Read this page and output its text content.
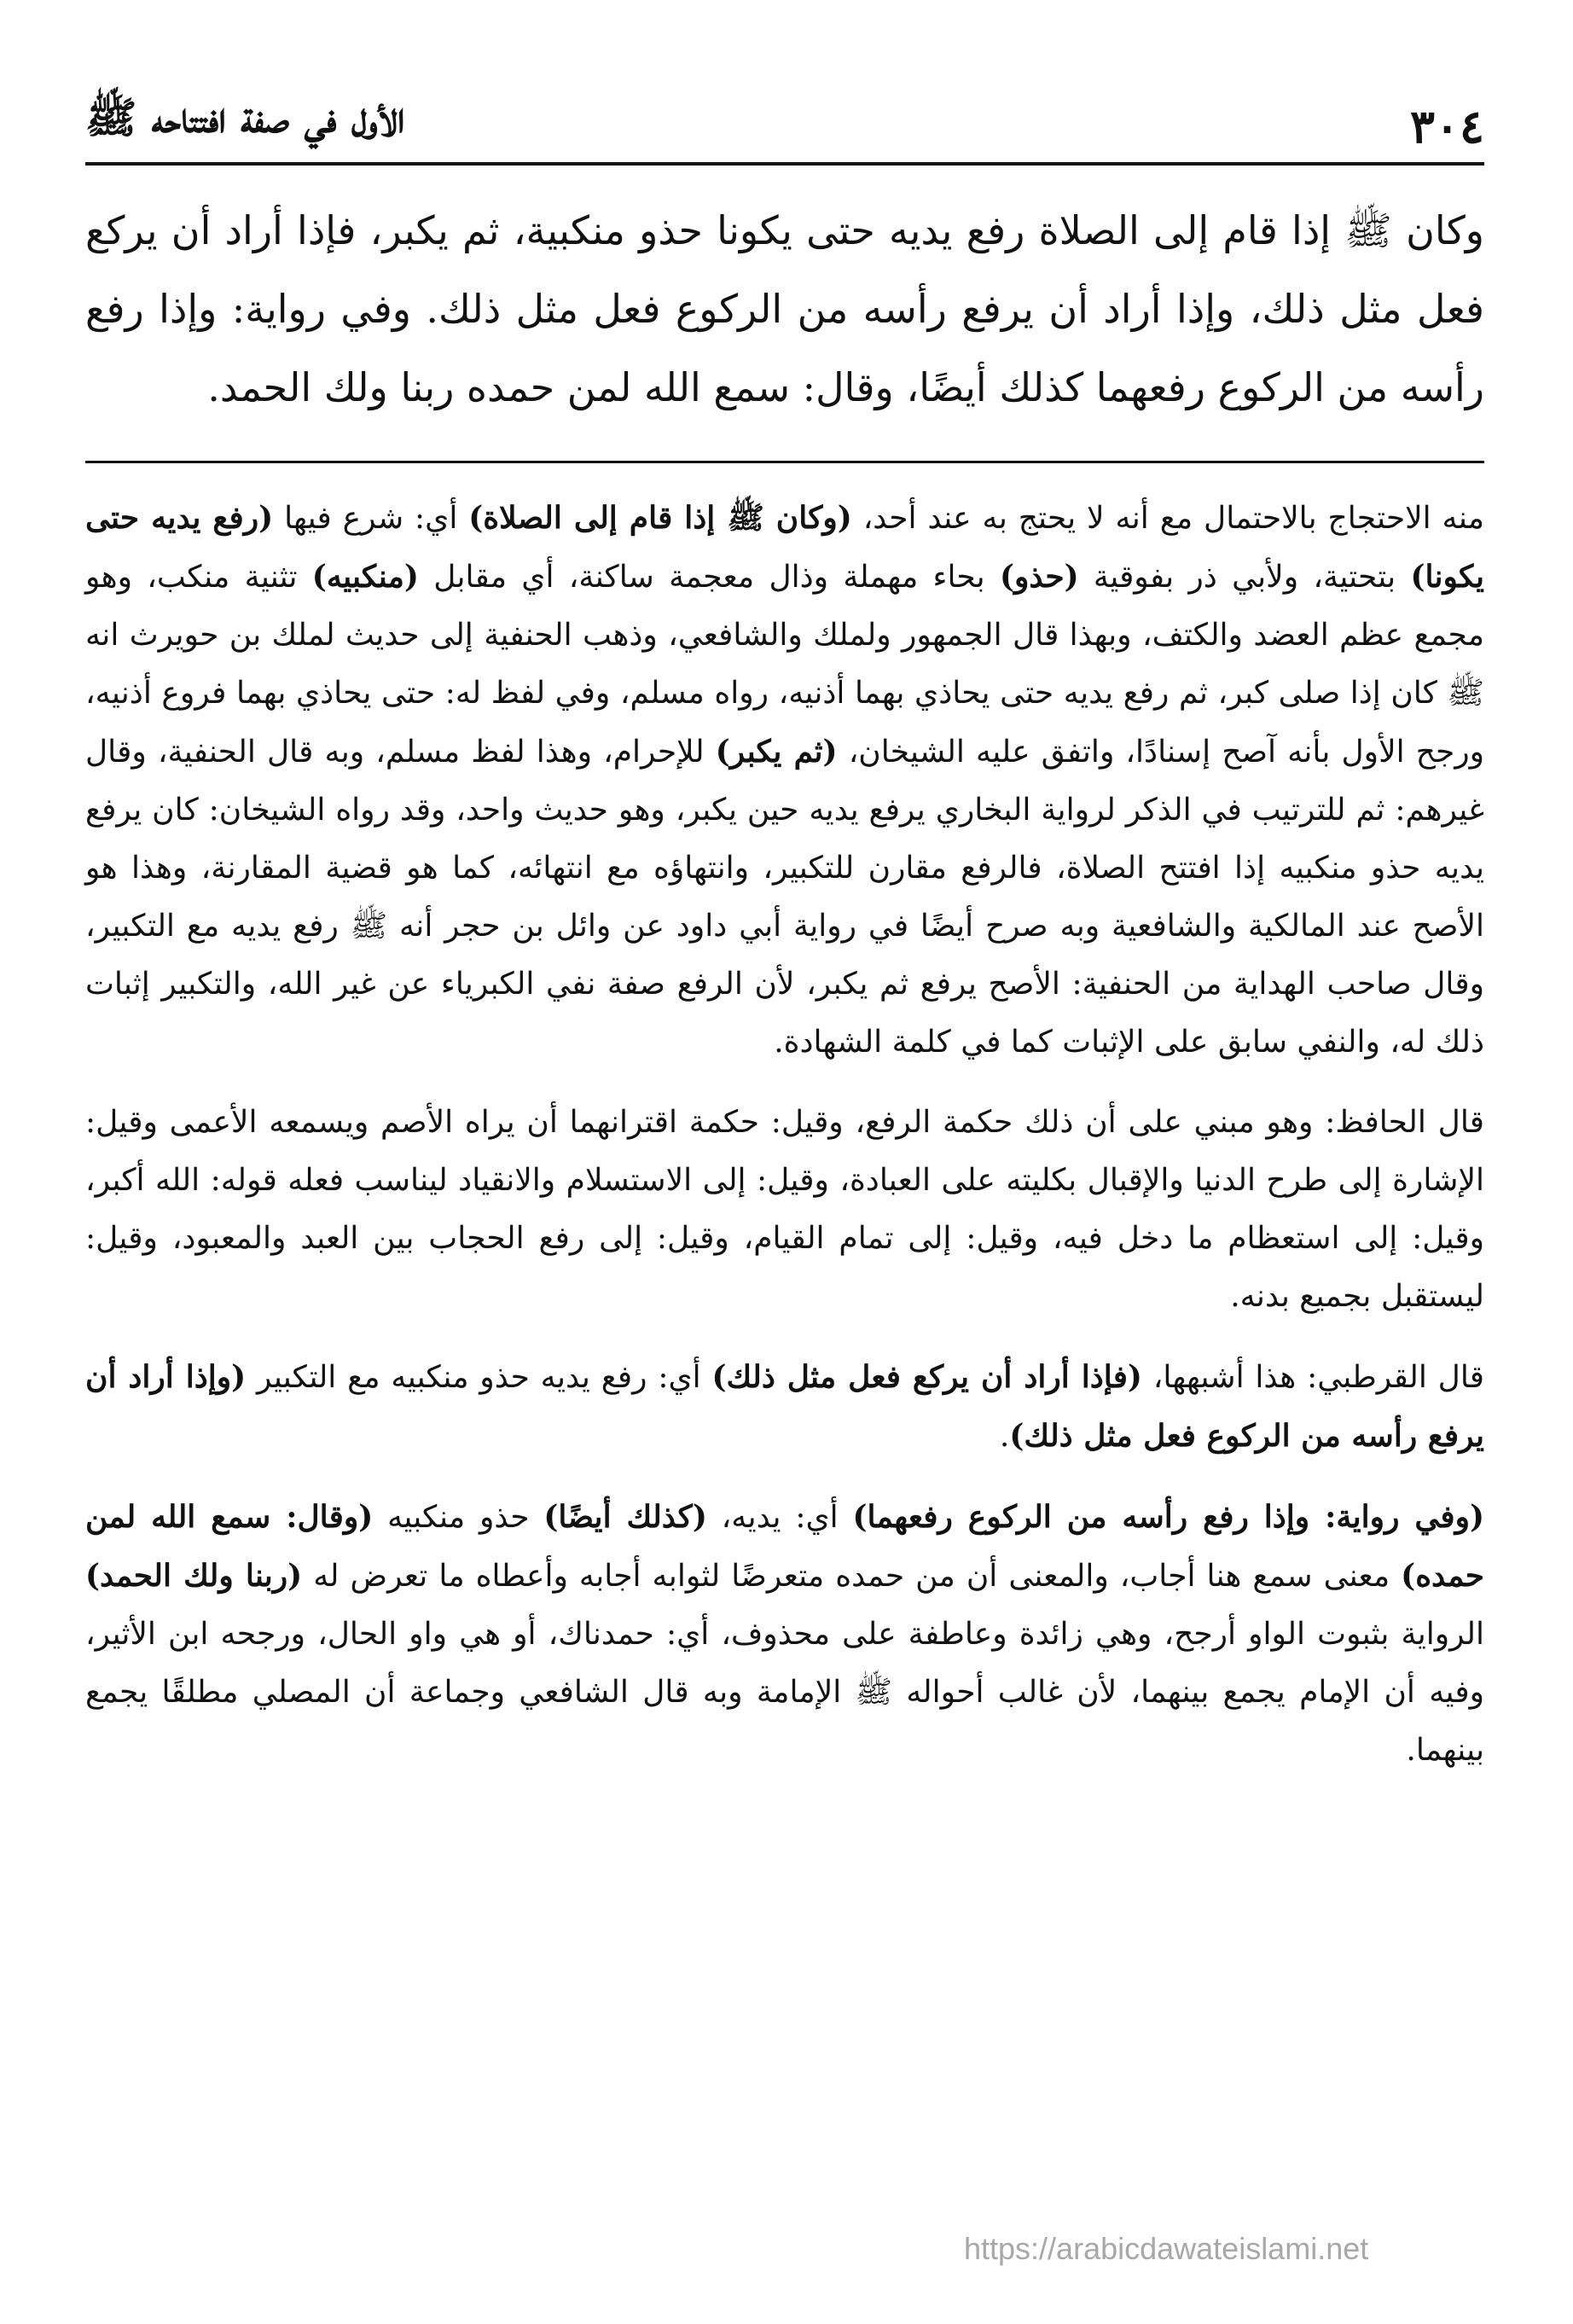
٣٠٤
الأول في صفة افتتاحه ﷺ

وكان ﷺ إذا قام إلى الصلاة رفع يديه حتى يكونا حذو منكبية، ثم يكبر، فإذا أراد أن يركع فعل مثل ذلك، وإذا أراد أن يرفع رأسه من الركوع فعل مثل ذلك. وفي رواية: وإذا رفع رأسه من الركوع رفعهما كذلك أيضًا، وقال: سمع الله لمن حمده ربنا ولك الحمد.

منه الاحتجاج بالاحتمال مع أنه لا يحتج به عند أحد، (وكان ﷺ إذا قام إلى الصلاة) أي: شرع فيها (رفع يديه حتى يكونا) بتحتية، ولأبي ذر بفوقية (حذو) بحاء مهملة وذال معجمة ساكنة، أي مقابل (منكبيه) تثنية منكب، وهو مجمع عظم العضد والكتف، وبهذا قال الجمهور ولملك والشافعي، وذهب الحنفية إلى حديث لملك بن حويرث انه ﷺ كان إذا صلى كبر، ثم رفع يديه حتى يحاذي بهما أذنيه، رواه مسلم، وفي لفظ له: حتى يحاذي بهما فروع أذنيه، ورجح الأول بأنه آصح إسنادًا، واتفق عليه الشيخان، (ثم يكبر) للإحرام، وهذا لفظ مسلم، وبه قال الحنفية، وقال غيرهم: ثم للترتيب في الذكر لرواية البخاري يرفع يديه حين يكبر، وهو حديث واحد، وقد رواه الشيخان: كان يرفع يديه حذو منكبيه إذا افتتح الصلاة، فالرفع مقارن للتكبير، وانتهاؤه مع انتهائه، كما هو قضية المقارنة، وهذا هو الأصح عند المالكية والشافعية وبه صرح أيضًا في رواية أبي داود عن وائل بن حجر أنه ﷺ رفع يديه مع التكبير، وقال صاحب الهداية من الحنفية: الأصح يرفع ثم يكبر، لأن الرفع صفة نفي الكبرياء عن غير الله، والتكبير إثبات ذلك له، والنفي سابق على الإثبات كما في كلمة الشهادة.

قال الحافظ: وهو مبني على أن ذلك حكمة الرفع، وقيل: حكمة اقترانهما أن يراه الأصم ويسمعه الأعمى وقيل: الإشارة إلى طرح الدنيا والإقبال بكليته على العبادة، وقيل: إلى الاستسلام والانقياد ليناسب فعله قوله: الله أكبر، وقيل: إلى استعظام ما دخل فيه، وقيل: إلى تمام القيام، وقيل: إلى رفع الحجاب بين العبد والمعبود، وقيل: ليستقبل بجميع بدنه.

قال القرطبي: هذا أشبهها، (فإذا أراد أن يركع فعل مثل ذلك) أي: رفع يديه حذو منكبيه مع التكبير (وإذا أراد أن يرفع رأسه من الركوع فعل مثل ذلك).

(وفي رواية: وإذا رفع رأسه من الركوع رفعهما) أي: يديه، (كذلك أيضًا) حذو منكبيه (وقال: سمع الله لمن حمده) معنى سمع هنا أجاب، والمعنى أن من حمده متعرضًا لثوابه أجابه وأعطاه ما تعرض له (ربنا ولك الحمد) الرواية بثبوت الواو أرجح، وهي زائدة وعاطفة على محذوف، أي: حمدناك، أو هي واو الحال، ورجحه ابن الأثير، وفيه أن الإمام يجمع بينهما، لأن غالب أحواله ﷺ الإمامة وبه قال الشافعي وجماعة أن المصلي مطلقًا يجمع بينهما.

https://arabicdawateislami.net
